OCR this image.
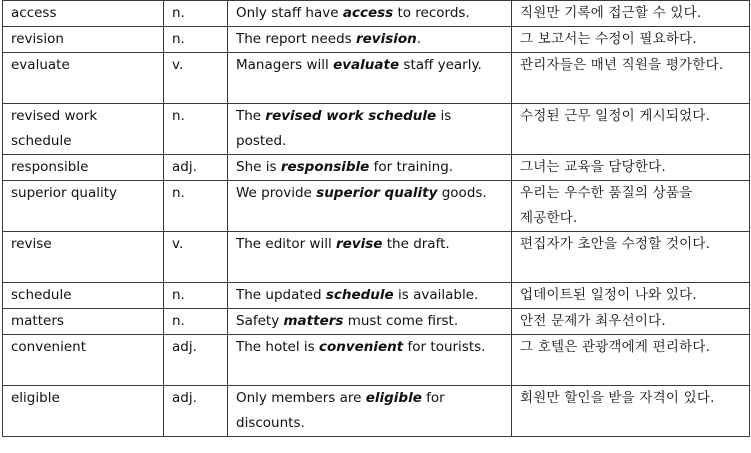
access	n.	Only staff have access to records.	직원만 기록에 접근할 수 있다.
revision	n.	The report needs revision.	그 보고서는 수정이 필요하다.
evaluate	v.	Managers will evaluate staff yearly.	관리자들은 매년 직원을 평가한다.
revised work schedule	n.	The revised work schedule is posted.	수정된 근무 일정이 게시되었다.
responsible	adj.	She is responsible for training.	그녀는 교육을 담당한다.
superior quality	n.	We provide superior quality goods.	우리는 우수한 품질의 상품을 제공한다.
revise	v.	The editor will revise the draft.	편집자가 초안을 수정할 것이다.
schedule	n.	The updated schedule is available.	업데이트된 일정이 나와 있다.
matters	n.	Safety matters must come first.	안전 문제가 최우선이다.
convenient	adj.	The hotel is convenient for tourists.	그 호텔은 관광객에게 편리하다.
eligible	adj.	Only members are eligible for discounts.	회원만 할인을 받을 자격이 있다.
